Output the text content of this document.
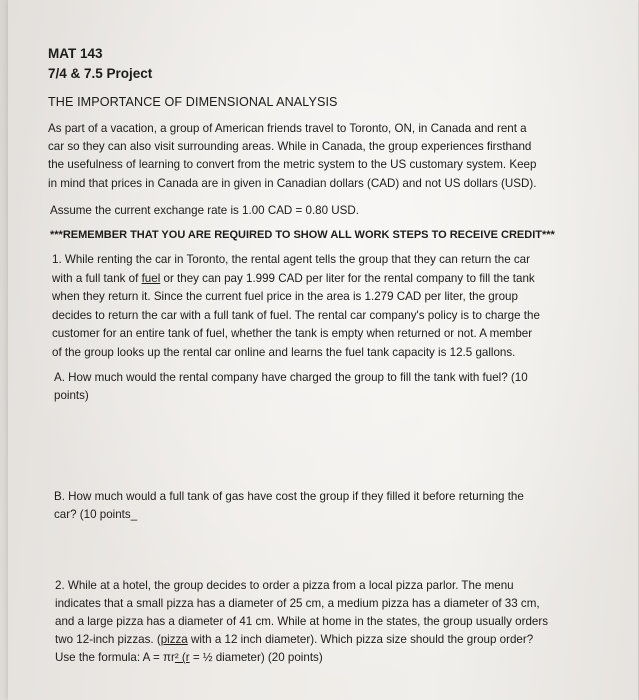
MAT 143
7/4 & 7.5 Project
THE IMPORTANCE OF DIMENSIONAL ANALYSIS
As part of a vacation, a group of American friends travel to Toronto, ON, in Canada and rent a
car so they can also visit surrounding areas. While in Canada, the group experiences firsthand
the usefulness of learning to convert from the metric system to the US customary system. Keep
in mind that prices in Canada are in given in Canadian dollars (CAD) and not US dollars (USD).
Assume the current exchange rate is 1.00 CAD = 0.80 USD.
***REMEMBER THAT YOU ARE REQUIRED TO SHOW ALL WORK STEPS TO RECEIVE CREDIT***
1. While renting the car in Toronto, the rental agent tells the group that they can return the car
with a full tank of fuel or they can pay 1.999 CAD per liter for the rental company to fill the tank
when they return it. Since the current fuel price in the area is 1.279 CAD per liter, the group
decides to return the car with a full tank of fuel. The rental car company's policy is to charge the
customer for an entire tank of fuel, whether the tank is empty when returned or not. A member
of the group looks up the rental car online and learns the fuel tank capacity is 12.5 gallons.
A. How much would the rental company have charged the group to fill the tank with fuel? (10
points)
B. How much would a full tank of gas have cost the group if they filled it before returning the
car? (10 points_
2. While at a hotel, the group decides to order a pizza from a local pizza parlor. The menu
indicates that a small pizza has a diameter of 25 cm, a medium pizza has a diameter of 33 cm,
and a large pizza has a diameter of 41 cm. While at home in the states, the group usually orders
two 12-inch pizzas. (pizza with a 12 inch diameter). Which pizza size should the group order?
Use the formula: A = πr² (r = ½ diameter) (20 points)
